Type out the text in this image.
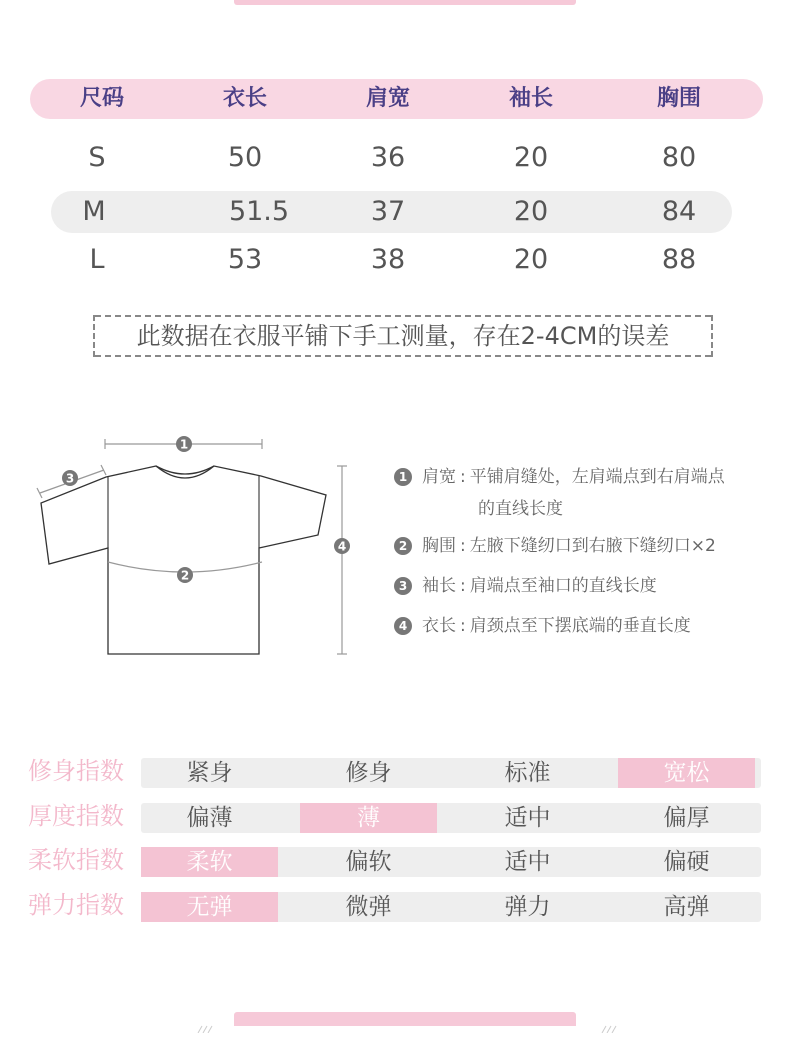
尺码	衣长	肩宽	袖长	胸围
S	50	36	20	80
M	51.5	37	20	84
L	53	38	20	88
此数据在衣服平铺下手工测量，存在2-4CM的误差
1
2
3
4
1 肩宽 : 平铺肩缝处，左肩端点到右肩端点
的直线长度
2 胸围 : 左腋下缝纫口到右腋下缝纫口×2
3 袖长 : 肩端点至袖口的直线长度
4 衣长 : 肩颈点至下摆底端的垂直长度
修身指数	紧身	修身	标准	宽松
厚度指数	偏薄	薄	适中	偏厚
柔软指数	柔软	偏软	适中	偏硬
弹力指数	无弹	微弹	弹力	高弹
